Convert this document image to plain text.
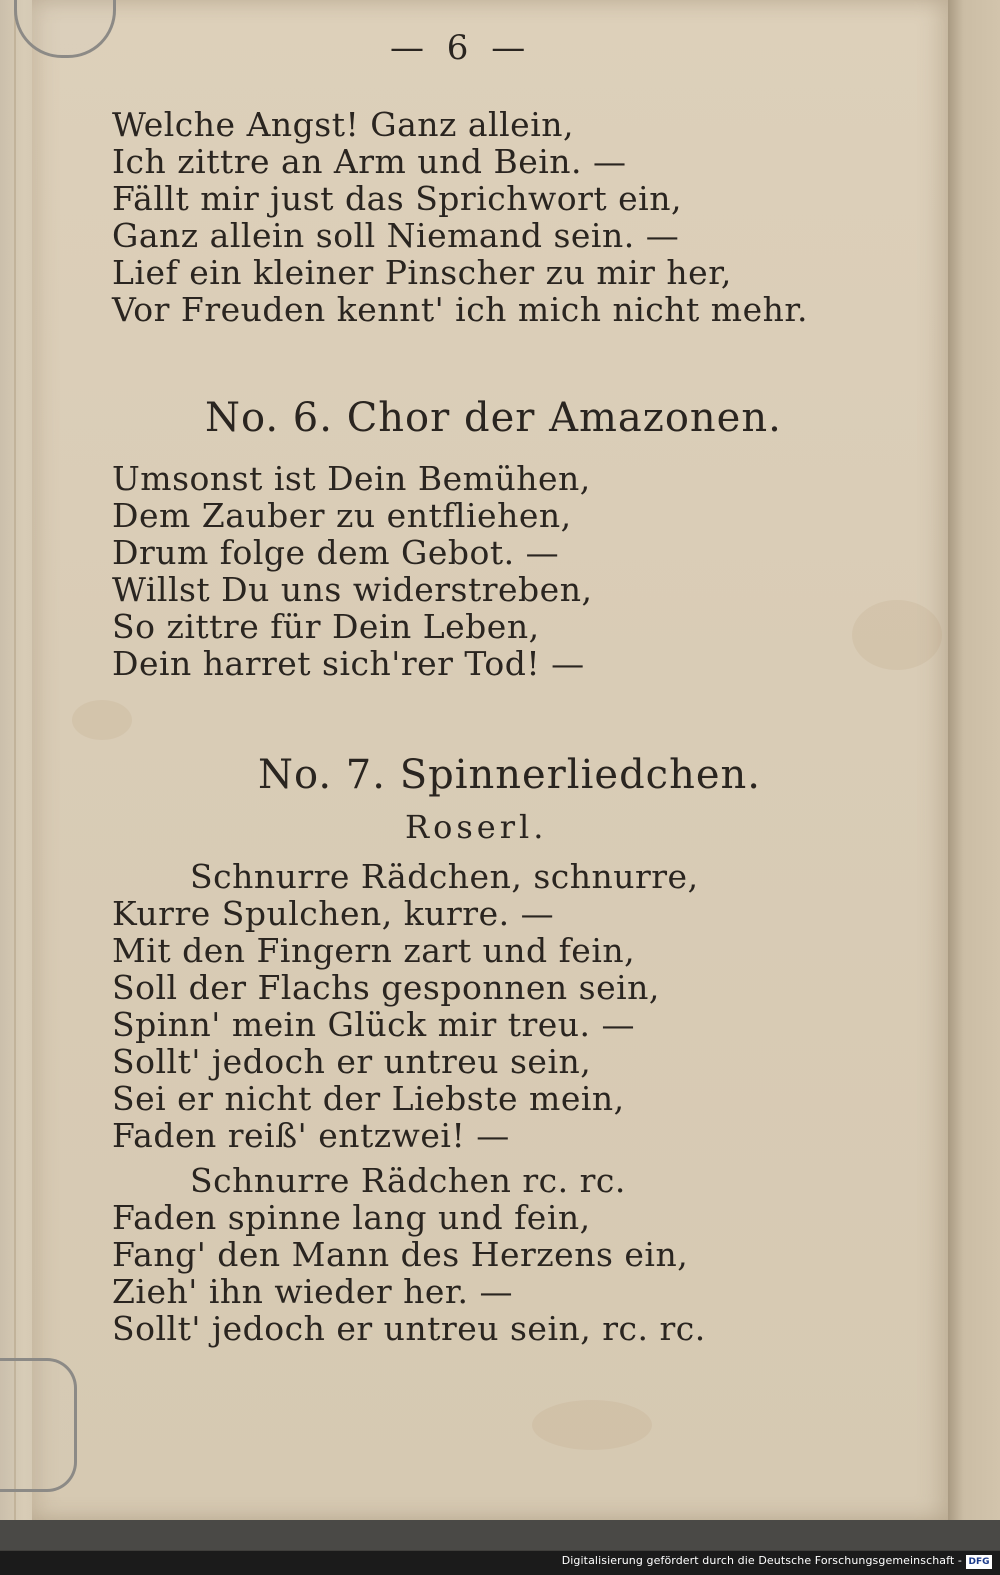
— 6 —
Welche Angst! Ganz allein,
Ich zittre an Arm und Bein. —
Fällt mir just das Sprichwort ein,
Ganz allein soll Niemand sein. —
Lief ein kleiner Pinscher zu mir her,
Vor Freuden kennt' ich mich nicht mehr.
No. 6. Chor der Amazonen.
Umsonst ist Dein Bemühen,
Dem Zauber zu entfliehen,
Drum folge dem Gebot. —
Willst Du uns widerstreben,
So zittre für Dein Leben,
Dein harret sich'rer Tod! —
No. 7. Spinnerliedchen.
Roserl.
Schnurre Rädchen, schnurre,
Kurre Spulchen, kurre. —
Mit den Fingern zart und fein,
Soll der Flachs gesponnen sein,
Spinn' mein Glück mir treu. —
Sollt' jedoch er untreu sein,
Sei er nicht der Liebste mein,
Faden reiß' entzwei! —
Schnurre Rädchen rc. rc.
Faden spinne lang und fein,
Fang' den Mann des Herzens ein,
Zieh' ihn wieder her. —
Sollt' jedoch er untreu sein, rc. rc.
Digitalisierung gefördert durch die Deutsche Forschungsgemeinschaft - DFG
